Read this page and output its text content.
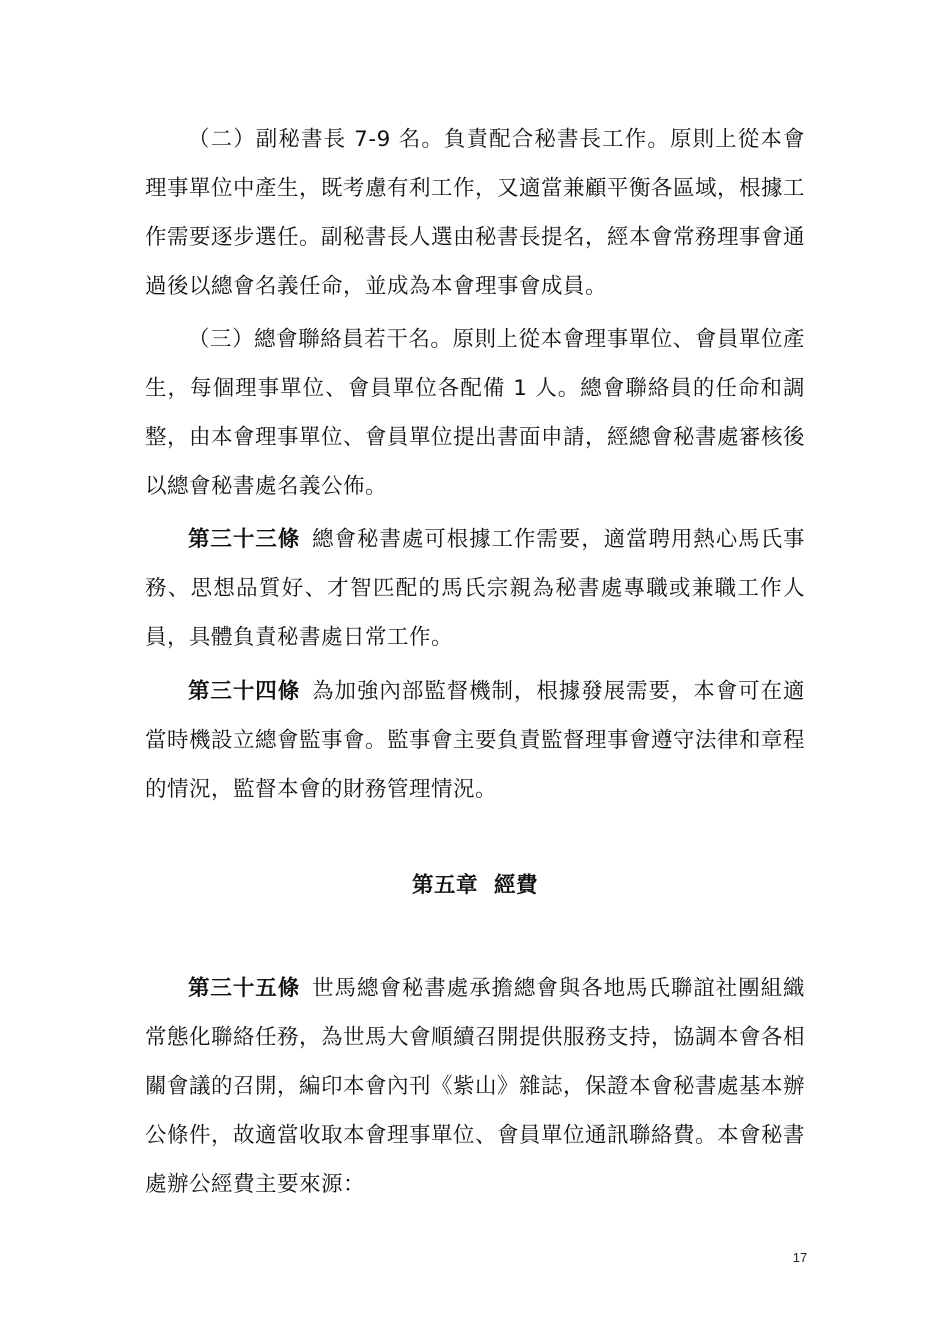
（二）副秘書長 7-9 名。負責配合秘書長工作。原則上從本會理事單位中產生，既考慮有利工作，又適當兼顧平衡各區域，根據工作需要逐步選任。副秘書長人選由秘書長提名，經本會常務理事會通過後以總會名義任命，並成為本會理事會成員。

（三）總會聯絡員若干名。原則上從本會理事單位、會員單位產生，每個理事單位、會員單位各配備 1 人。總會聯絡員的任命和調整，由本會理事單位、會員單位提出書面申請，經總會秘書處審核後以總會秘書處名義公佈。

第三十三條 總會秘書處可根據工作需要，適當聘用熱心馬氏事務、思想品質好、才智匹配的馬氏宗親為秘書處專職或兼職工作人員，具體負責秘書處日常工作。

第三十四條 為加強內部監督機制，根據發展需要，本會可在適當時機設立總會監事會。監事會主要負責監督理事會遵守法律和章程的情況，監督本會的財務管理情況。

第五章  經費

第三十五條 世馬總會秘書處承擔總會與各地馬氏聯誼社團組織常態化聯絡任務，為世馬大會順續召開提供服務支持，協調本會各相關會議的召開，編印本會內刊《紫山》雜誌，保證本會秘書處基本辦公條件，故適當收取本會理事單位、會員單位通訊聯絡費。本會秘書處辦公經費主要來源：

17
